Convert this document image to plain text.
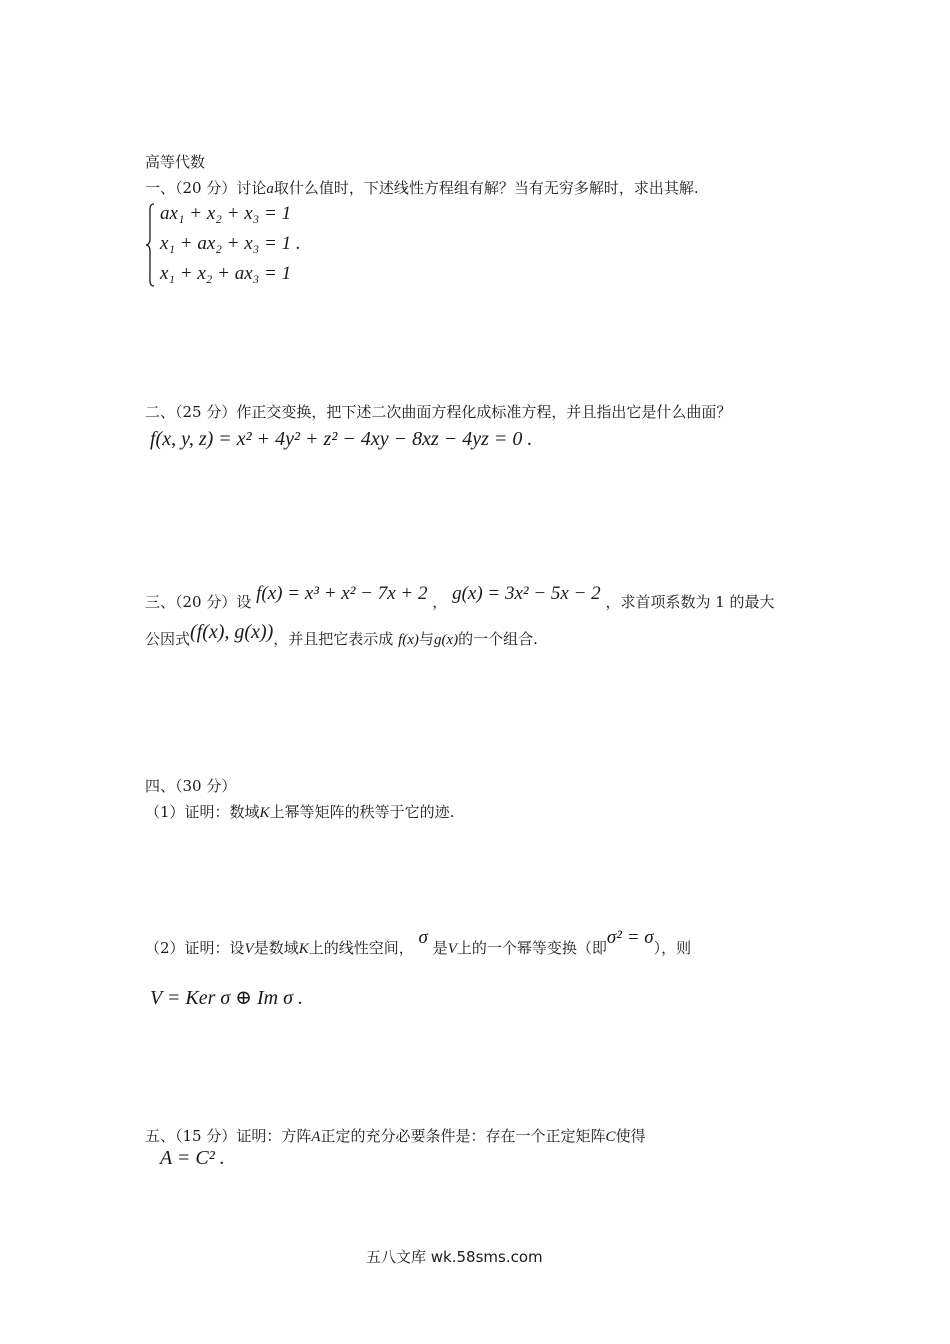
高等代数
一、（20 分）讨论a取什么值时，下述线性方程组有解？当有无穷多解时，求出其解.
ax₁ + x₂ + x₃ = 1
x₁ + ax₂ + x₃ = 1 .
x₁ + x₂ + ax₃ = 1
二、（25 分）作正交变换，把下述二次曲面方程化成标准方程，并且指出它是什么曲面？
f(x, y, z) = x² + 4y² + z² − 4xy − 8xz − 4yz = 0 .
三、（20 分）设 f(x) = x³ + x² − 7x + 2 ， g(x) = 3x² − 5x − 2 ，求首项系数为 1 的最大
公因式(f(x), g(x))，并且把它表示成 f(x)与g(x)的一个组合.
四、（30 分）
（1）证明：数域K上幂等矩阵的秩等于它的迹.
（2）证明：设V是数域K上的线性空间， σ 是V上的一个幂等变换（即σ² = σ），则
V = Ker σ ⊕ Im σ .
五、（15 分）证明：方阵A正定的充分必要条件是：存在一个正定矩阵C使得
A = C² .
五八文库 wk.58sms.com
